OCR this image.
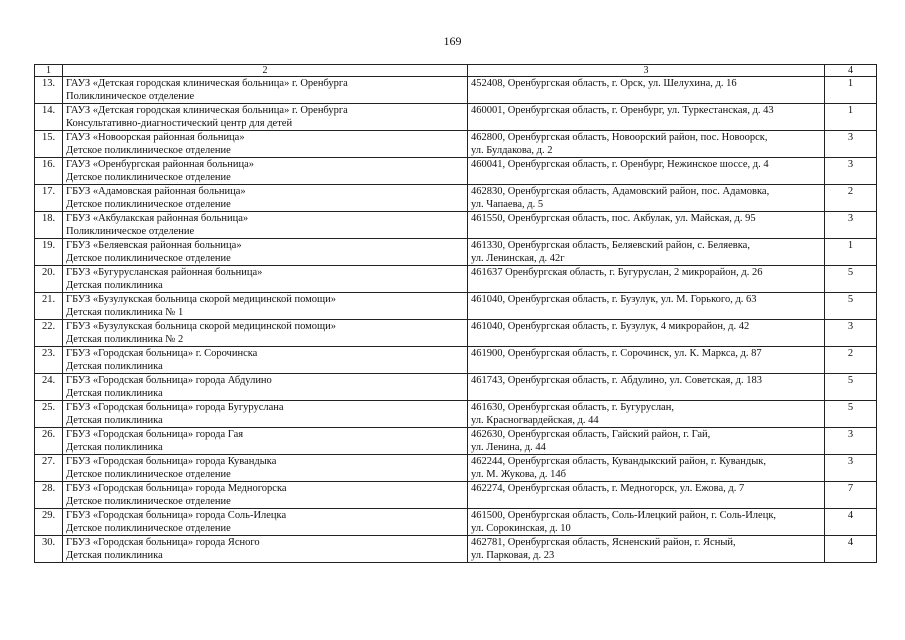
169
1	2	3	4
13.	ГАУЗ «Детская городская клиническая больница» г. Оренбурга
Поликлиническое отделение	452408, Оренбургская область, г. Орск, ул. Шелухина, д. 16	1
14.	ГАУЗ «Детская городская клиническая больница» г. Оренбурга
Консультативно-диагностический центр для детей	460001, Оренбургская область, г. Оренбург, ул. Туркестанская, д. 43	1
15.	ГАУЗ «Новоорская районная больница»
Детское поликлиническое отделение	462800, Оренбургская область, Новоорский район, пос. Новоорск,
ул. Булдакова, д. 2	3
16.	ГАУЗ «Оренбургская районная больница»
Детское поликлиническое отделение	460041, Оренбургская область, г. Оренбург, Нежинское шоссе, д. 4	3
17.	ГБУЗ «Адамовская районная больница»
Детское поликлиническое отделение	462830, Оренбургская область, Адамовский район, пос. Адамовка,
ул. Чапаева, д. 5	2
18.	ГБУЗ «Акбулакская районная больница»
Поликлиническое отделение	461550, Оренбургская область, пос. Акбулак, ул. Майская, д. 95	3
19.	ГБУЗ «Беляевская районная больница»
Детское поликлиническое отделение	461330, Оренбургская область, Беляевский район, с. Беляевка,
ул. Ленинская, д. 42г	1
20.	ГБУЗ «Бугурусланская районная больница»
Детская поликлиника	461637 Оренбургская область, г. Бугуруслан, 2 микрорайон, д. 26	5
21.	ГБУЗ «Бузулукская больница скорой медицинской помощи»
Детская поликлиника № 1	461040, Оренбургская область, г. Бузулук, ул. М. Горького, д. 63	5
22.	ГБУЗ «Бузулукская больница скорой медицинской помощи»
Детская поликлиника № 2	461040, Оренбургская область, г. Бузулук, 4 микрорайон, д. 42	3
23.	ГБУЗ «Городская больница» г. Сорочинска
Детская поликлиника	461900, Оренбургская область, г. Сорочинск, ул. К. Маркса, д. 87	2
24.	ГБУЗ «Городская больница» города Абдулино
Детская поликлиника	461743, Оренбургская область, г. Абдулино, ул. Советская, д. 183	5
25.	ГБУЗ «Городская больница» города Бугуруслана
Детская поликлиника	461630, Оренбургская область, г. Бугуруслан,
ул. Красногвардейская, д. 44	5
26.	ГБУЗ «Городская больница» города Гая
Детская поликлиника	462630, Оренбургская область, Гайский район, г. Гай,
ул. Ленина, д. 44	3
27.	ГБУЗ «Городская больница» города Кувандыка
Детское поликлиническое отделение	462244, Оренбургская область, Кувандыкский район, г. Кувандык,
ул. М. Жукова, д. 14б	3
28.	ГБУЗ «Городская больница» города Медногорска
Детское поликлиническое отделение	462274, Оренбургская область, г. Медногорск, ул. Ежова, д. 7	7
29.	ГБУЗ «Городская больница» города Соль-Илецка
Детское поликлиническое отделение	461500, Оренбургская область, Соль-Илецкий район, г. Соль-Илецк,
ул. Сорокинская, д. 10	4
30.	ГБУЗ «Городская больница» города Ясного
Детская поликлиника	462781, Оренбургская область, Ясненский район, г. Ясный,
ул. Парковая, д. 23	4
